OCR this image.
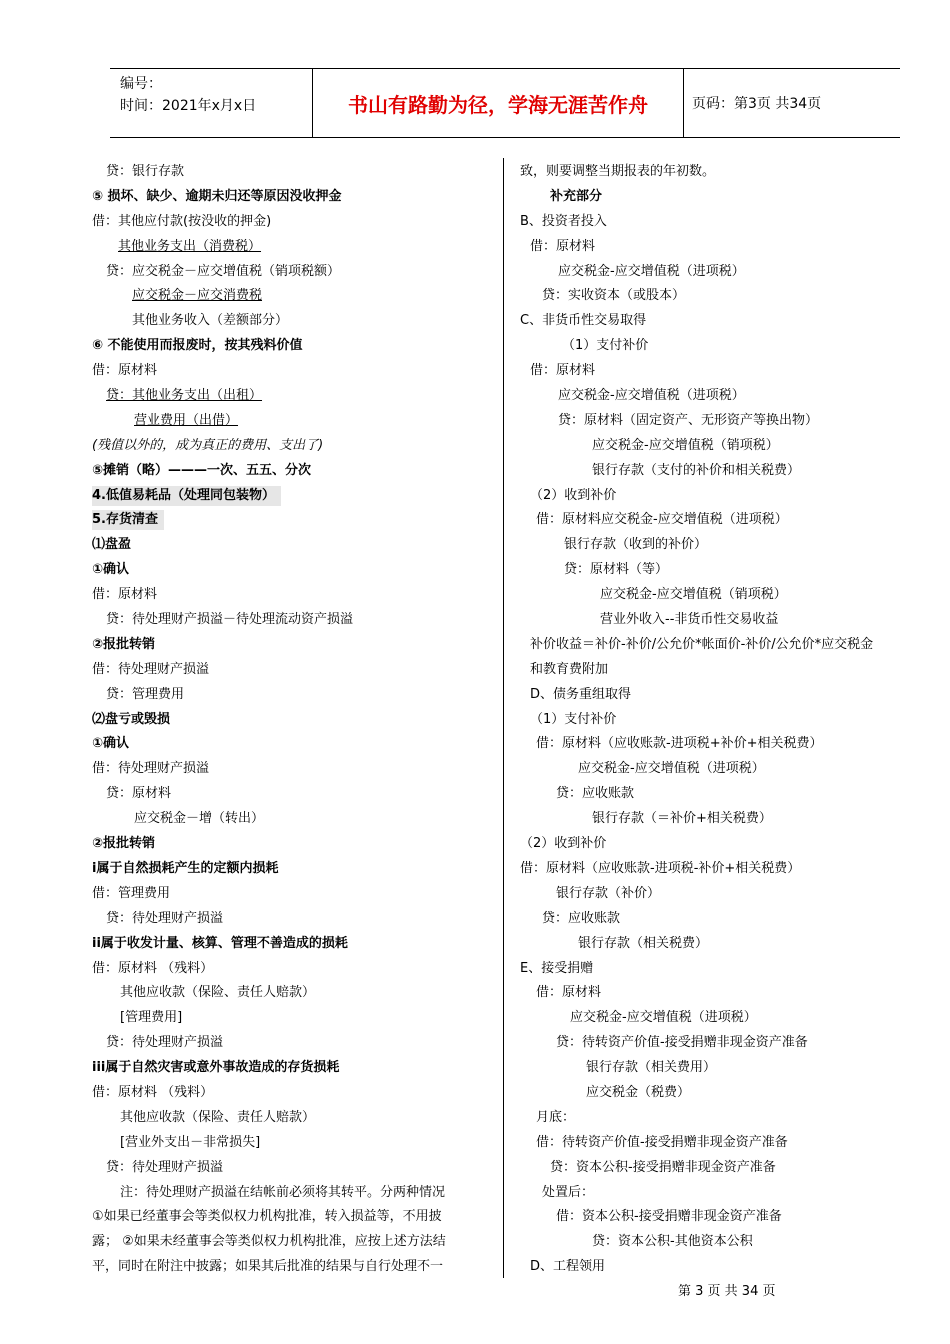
编号：
时间：2021年x月x日	书山有路勤为径，学海无涯苦作舟	页码：第3页 共34页
贷：银行存款
⑤ 损坏、缺少、逾期未归还等原因没收押金
借：其他应付款(按没收的押金)
其他业务支出（消费税）
贷：应交税金－应交增值税（销项税额）
应交税金－应交消费税
其他业务收入（差额部分）
⑥ 不能使用而报废时，按其残料价值
借：原材料
贷：其他业务支出（出租）
营业费用（出借）
(残值以外的，成为真正的费用、支出了)
⑤摊销（略）———一次、五五、分次
4.低值易耗品（处理同包装物）
5.存货清查
⑴盘盈
①确认
借：原材料
贷：待处理财产损溢－待处理流动资产损溢
②报批转销
借：待处理财产损溢
贷：管理费用
⑵盘亏或毁损
①确认
借：待处理财产损溢
贷：原材料
应交税金－增（转出）
②报批转销
i属于自然损耗产生的定额内损耗
借：管理费用
贷：待处理财产损溢
ii属于收发计量、核算、管理不善造成的损耗
借：原材料 （残料）
其他应收款（保险、责任人赔款）
[管理费用]
贷：待处理财产损溢
iii属于自然灾害或意外事故造成的存货损耗
借：原材料 （残料）
其他应收款（保险、责任人赔款）
[营业外支出－非常损失]
贷：待处理财产损溢
注：待处理财产损溢在结帐前必须将其转平。分两种情况
①如果已经董事会等类似权力机构批准，转入损益等，不用披
露； ②如果未经董事会等类似权力机构批准，应按上述方法结
平，同时在附注中披露；如果其后批准的结果与自行处理不一
致，则要调整当期报表的年初数。
补充部分
B、投资者投入
借：原材料
应交税金-应交增值税（进项税）
贷：实收资本（或股本）
C、非货币性交易取得
（1）支付补价
借：原材料
应交税金-应交增值税（进项税）
贷：原材料（固定资产、无形资产等换出物）
应交税金-应交增值税（销项税）
银行存款（支付的补价和相关税费）
（2）收到补价
借：原材料应交税金-应交增值税（进项税）
银行存款（收到的补价）
贷：原材料（等）
应交税金-应交增值税（销项税）
营业外收入--非货币性交易收益
补价收益＝补价-补价/公允价*帐面价-补价/公允价*应交税金
和教育费附加
D、债务重组取得
（1）支付补价
借：原材料（应收账款-进项税+补价+相关税费）
应交税金-应交增值税（进项税）
贷：应收账款
银行存款（＝补价+相关税费）
（2）收到补价
借：原材料（应收账款-进项税-补价+相关税费）
银行存款（补价）
贷：应收账款
银行存款（相关税费）
E、接受捐赠
借：原材料
应交税金-应交增值税（进项税）
贷：待转资产价值-接受捐赠非现金资产准备
银行存款（相关费用）
应交税金（税费）
月底：
借：待转资产价值-接受捐赠非现金资产准备
贷：资本公积-接受捐赠非现金资产准备
处置后：
借：资本公积-接受捐赠非现金资产准备
贷：资本公积-其他资本公积
D、工程领用
第 3 页 共 34 页
